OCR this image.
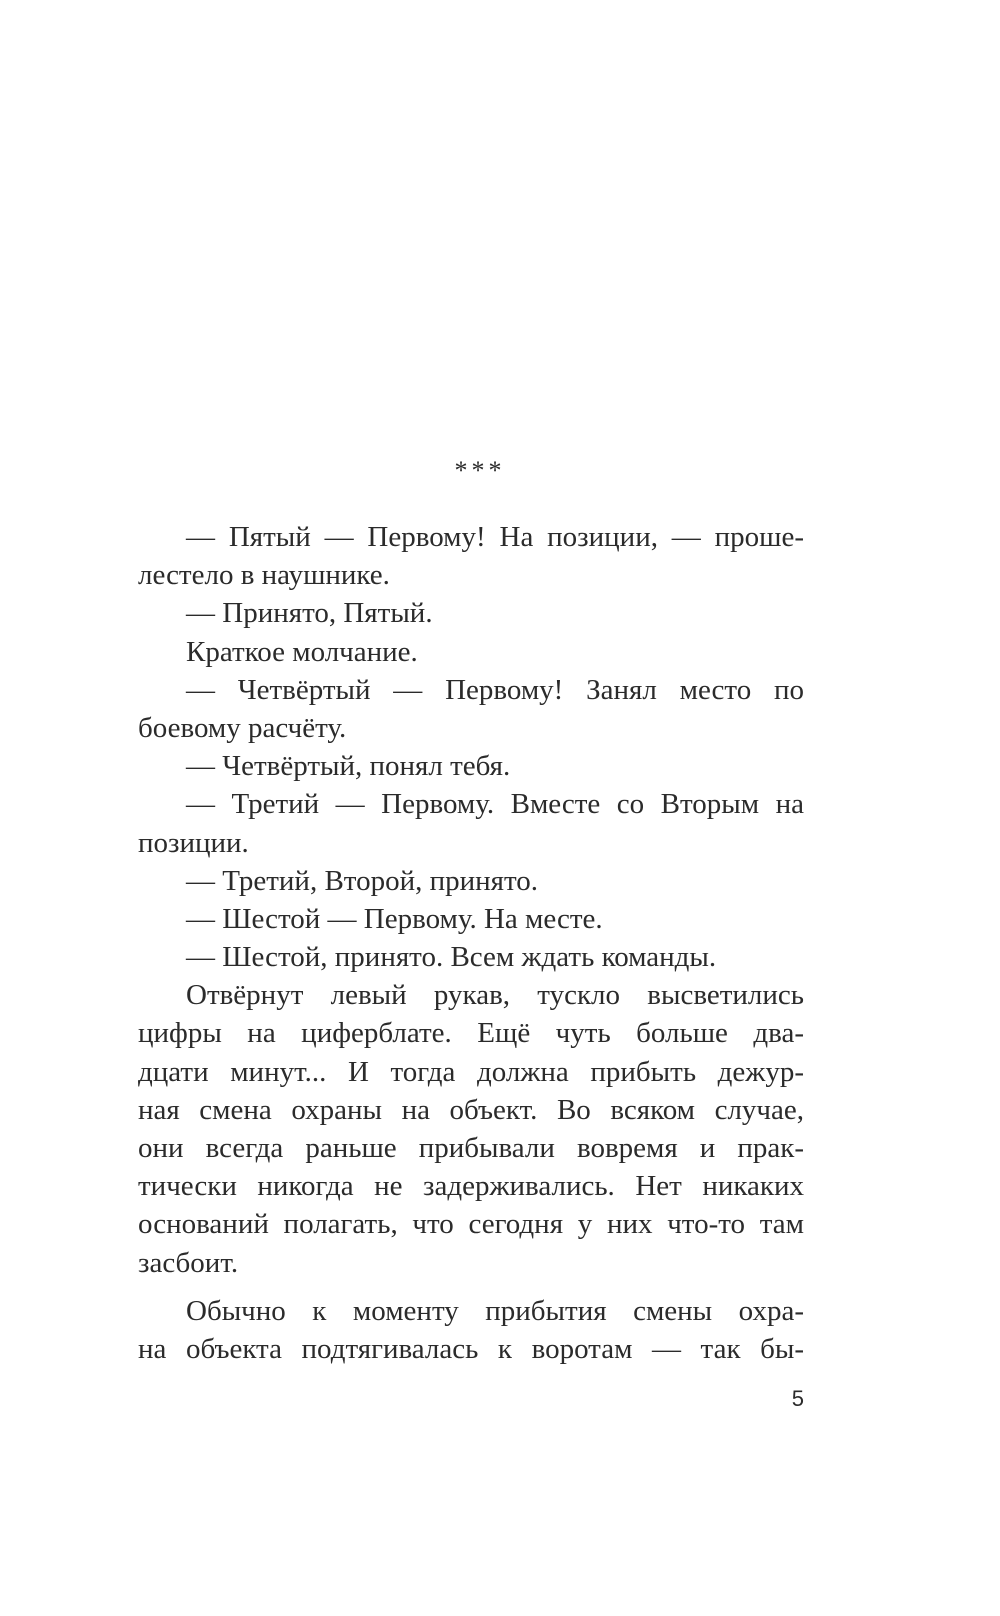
***
— Пятый — Первому! На позиции, — проше-
лестело в наушнике.
— Принято, Пятый.
Краткое молчание.
— Четвёртый — Первому! Занял место по
боевому расчёту.
— Четвёртый, понял тебя.
— Третий — Первому. Вместе со Вторым на
позиции.
— Третий, Второй, принято.
— Шестой — Первому. На месте.
— Шестой, принято. Всем ждать команды.
Отвёрнут левый рукав, тускло высветились
цифры на циферблате. Ещё чуть больше два-
дцати минут... И тогда должна прибыть дежур-
ная смена охраны на объект. Во всяком случае,
они всегда раньше прибывали вовремя и прак-
тически никогда не задерживались. Нет никаких
оснований полагать, что сегодня у них что-то там
засбоит.
Обычно к моменту прибытия смены охра-
на объекта подтягивалась к воротам — так бы-
5
